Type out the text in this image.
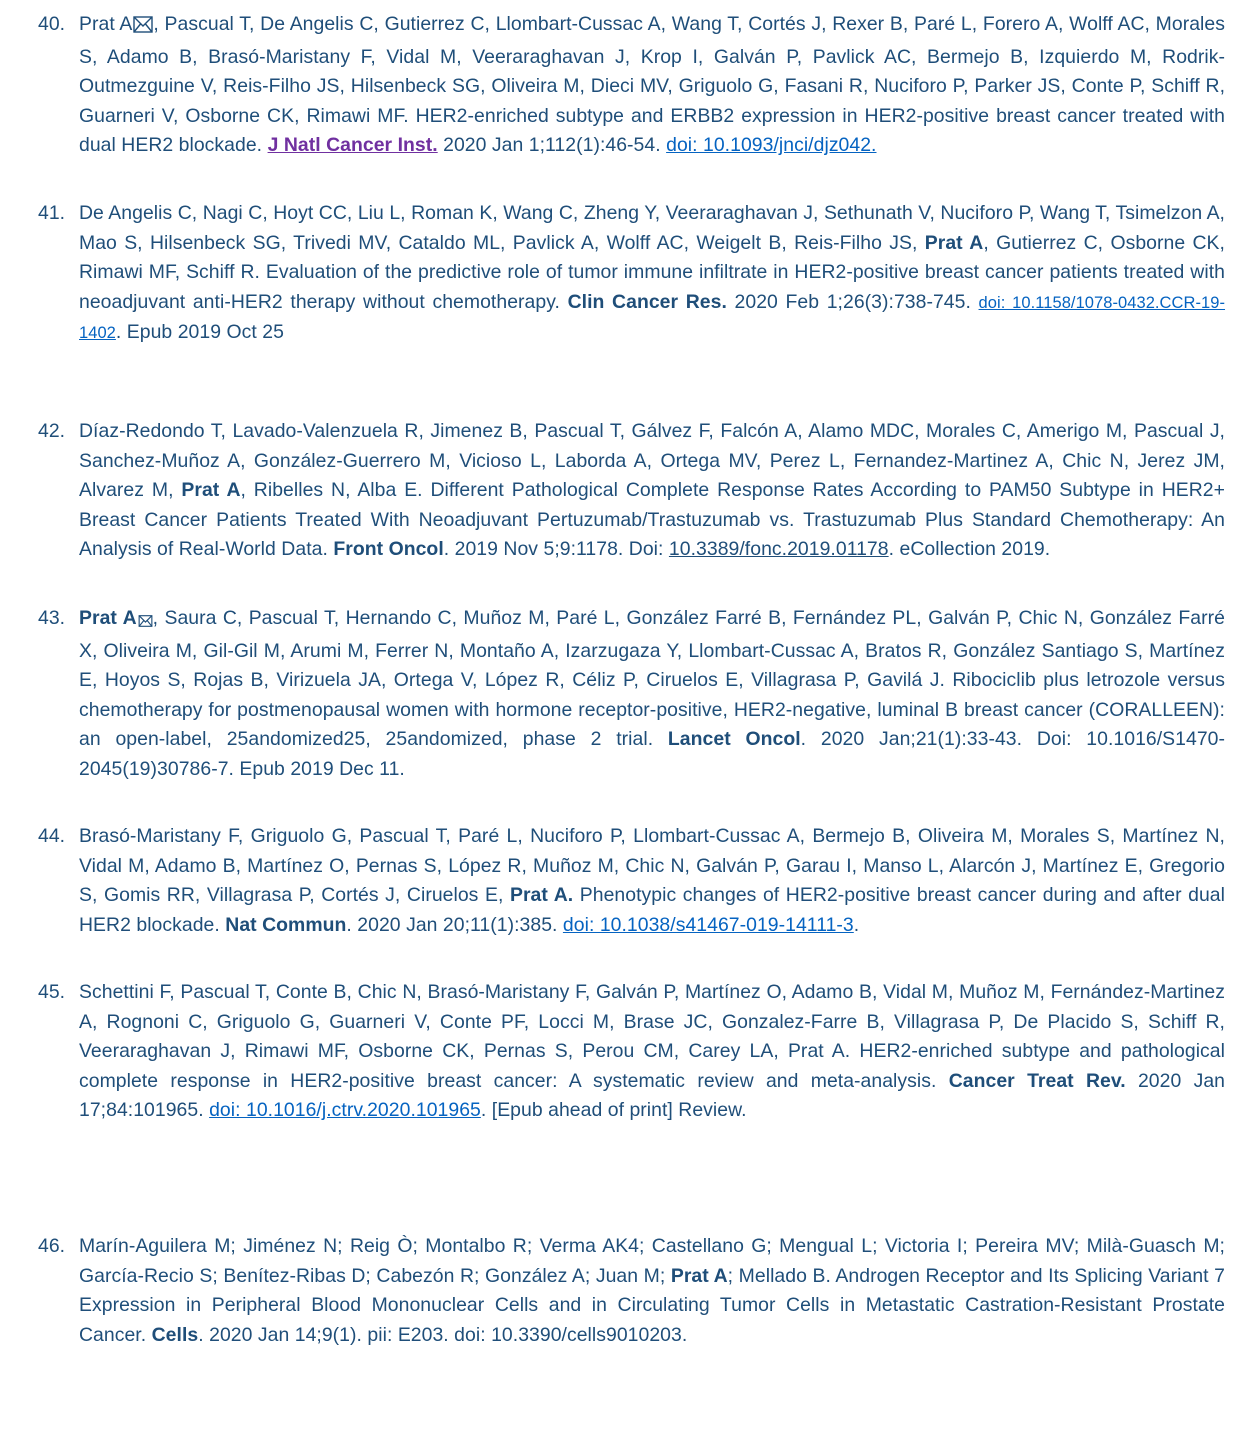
40. Prat A , Pascual T, De Angelis C, Gutierrez C, Llombart-Cussac A, Wang T, Cortés J, Rexer B, Paré L, Forero A, Wolff AC, Morales S, Adamo B, Brasó-Maristany F, Vidal M, Veeraraghavan J, Krop I, Galván P, Pavlick AC, Bermejo B, Izquierdo M, Rodrik-Outmezguine V, Reis-Filho JS, Hilsenbeck SG, Oliveira M, Dieci MV, Griguolo G, Fasani R, Nuciforo P, Parker JS, Conte P, Schiff R, Guarneri V, Osborne CK, Rimawi MF. HER2-enriched subtype and ERBB2 expression in HER2-positive breast cancer treated with dual HER2 blockade. J Natl Cancer Inst. 2020 Jan 1;112(1):46-54. doi: 10.1093/jnci/djz042.
41. De Angelis C, Nagi C, Hoyt CC, Liu L, Roman K, Wang C, Zheng Y, Veeraraghavan J, Sethunath V, Nuciforo P, Wang T, Tsimelzon A, Mao S, Hilsenbeck SG, Trivedi MV, Cataldo ML, Pavlick A, Wolff AC, Weigelt B, Reis-Filho JS, Prat A, Gutierrez C, Osborne CK, Rimawi MF, Schiff R. Evaluation of the predictive role of tumor immune infiltrate in HER2-positive breast cancer patients treated with neoadjuvant anti-HER2 therapy without chemotherapy. Clin Cancer Res. 2020 Feb 1;26(3):738-745. doi: 10.1158/1078-0432.CCR-19-1402. Epub 2019 Oct 25
42. Díaz-Redondo T, Lavado-Valenzuela R, Jimenez B, Pascual T, Gálvez F, Falcón A, Alamo MDC, Morales C, Amerigo M, Pascual J, Sanchez-Muñoz A, González-Guerrero M, Vicioso L, Laborda A, Ortega MV, Perez L, Fernandez-Martinez A, Chic N, Jerez JM, Alvarez M, Prat A, Ribelles N, Alba E. Different Pathological Complete Response Rates According to PAM50 Subtype in HER2+ Breast Cancer Patients Treated With Neoadjuvant Pertuzumab/Trastuzumab vs. Trastuzumab Plus Standard Chemotherapy: An Analysis of Real-World Data. Front Oncol. 2019 Nov 5;9:1178. Doi: 10.3389/fonc.2019.01178. eCollection 2019.
43. Prat A , Saura C, Pascual T, Hernando C, Muñoz M, Paré L, González Farré B, Fernández PL, Galván P, Chic N, González Farré X, Oliveira M, Gil-Gil M, Arumi M, Ferrer N, Montaño A, Izarzugaza Y, Llombart-Cussac A, Bratos R, González Santiago S, Martínez E, Hoyos S, Rojas B, Virizuela JA, Ortega V, López R, Céliz P, Ciruelos E, Villagrasa P, Gavilá J. Ribociclib plus letrozole versus chemotherapy for postmenopausal women with hormone receptor-positive, HER2-negative, luminal B breast cancer (CORALLEEN): an open-label, 25andomized25, 25andomized, phase 2 trial. Lancet Oncol. 2020 Jan;21(1):33-43. Doi: 10.1016/S1470-2045(19)30786-7. Epub 2019 Dec 11.
44. Brasó-Maristany F, Griguolo G, Pascual T, Paré L, Nuciforo P, Llombart-Cussac A, Bermejo B, Oliveira M, Morales S, Martínez N, Vidal M, Adamo B, Martínez O, Pernas S, López R, Muñoz M, Chic N, Galván P, Garau I, Manso L, Alarcón J, Martínez E, Gregorio S, Gomis RR, Villagrasa P, Cortés J, Ciruelos E, Prat A. Phenotypic changes of HER2-positive breast cancer during and after dual HER2 blockade. Nat Commun. 2020 Jan 20;11(1):385. doi: 10.1038/s41467-019-14111-3.
45. Schettini F, Pascual T, Conte B, Chic N, Brasó-Maristany F, Galván P, Martínez O, Adamo B, Vidal M, Muñoz M, Fernández-Martinez A, Rognoni C, Griguolo G, Guarneri V, Conte PF, Locci M, Brase JC, Gonzalez-Farre B, Villagrasa P, De Placido S, Schiff R, Veeraraghavan J, Rimawi MF, Osborne CK, Pernas S, Perou CM, Carey LA, Prat A. HER2-enriched subtype and pathological complete response in HER2-positive breast cancer: A systematic review and meta-analysis. Cancer Treat Rev. 2020 Jan 17;84:101965. doi: 10.1016/j.ctrv.2020.101965. [Epub ahead of print] Review.
46. Marín-Aguilera M; Jiménez N; Reig Ò; Montalbo R; Verma AK4; Castellano G; Mengual L; Victoria I; Pereira MV; Milà-Guasch M; García-Recio S; Benítez-Ribas D; Cabezón R; González A; Juan M; Prat A; Mellado B. Androgen Receptor and Its Splicing Variant 7 Expression in Peripheral Blood Mononuclear Cells and in Circulating Tumor Cells in Metastatic Castration-Resistant Prostate Cancer. Cells. 2020 Jan 14;9(1). pii: E203. doi: 10.3390/cells9010203.
